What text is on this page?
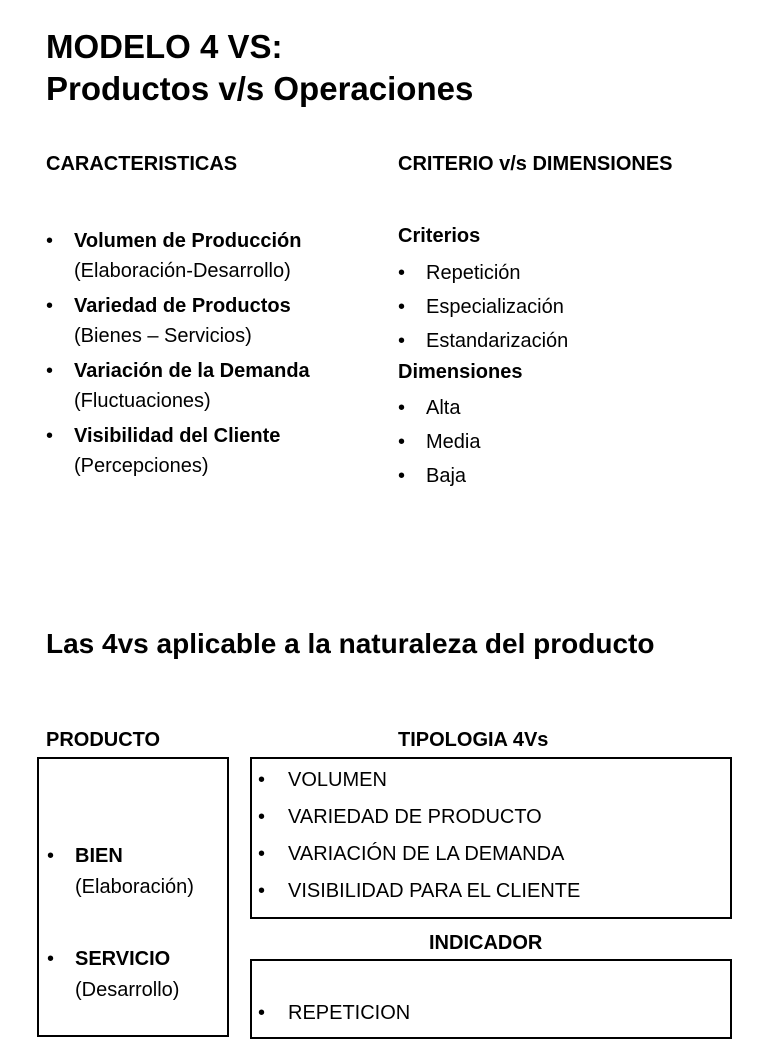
MODELO 4 VS:
Productos v/s Operaciones
CARACTERISTICAS	CRITERIO v/s DIMENSIONES
• Volumen de Producción
(Elaboración-Desarrollo)
• Variedad de Productos
(Bienes – Servicios)
• Variación de la Demanda
(Fluctuaciones)
• Visibilidad del Cliente
(Percepciones)
Criterios
• Repetición
• Especialización
• Estandarización
Dimensiones
• Alta
• Media
• Baja
Las 4vs aplicable a la naturaleza del producto
PRODUCTO
• BIEN
(Elaboración)
• SERVICIO
(Desarrollo)
TIPOLOGIA 4Vs
• VOLUMEN
• VARIEDAD DE PRODUCTO
• VARIACIÓN DE LA DEMANDA
• VISIBILIDAD PARA EL CLIENTE
INDICADOR
• REPETICION
